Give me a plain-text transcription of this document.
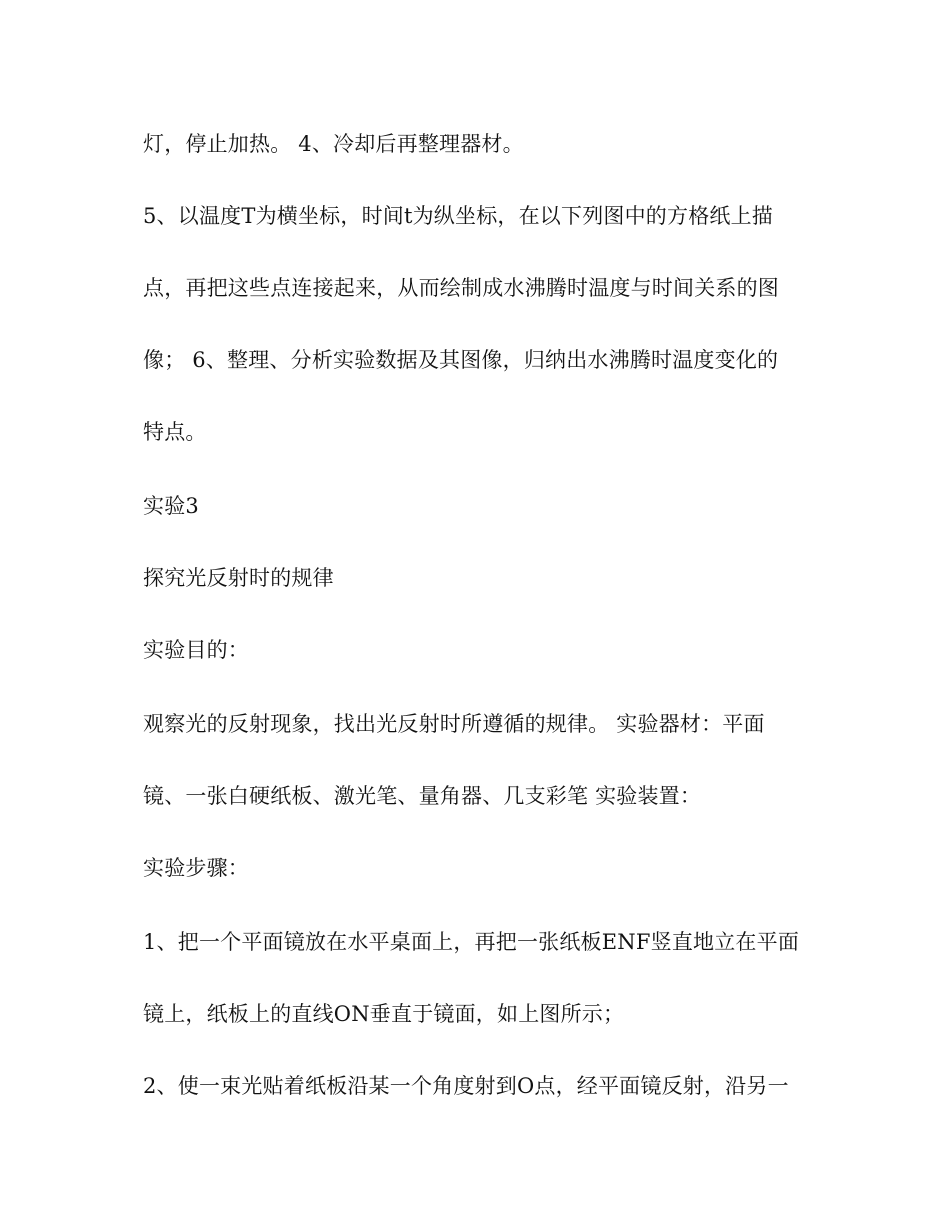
灯，停止加热。 4、冷却后再整理器材。
5、以温度T为横坐标，时间t为纵坐标，在以下列图中的方格纸上描
点，再把这些点连接起来，从而绘制成水沸腾时温度与时间关系的图
像； 6、整理、分析实验数据及其图像，归纳出水沸腾时温度变化的
特点。
实验3
探究光反射时的规律
实验目的：
观察光的反射现象，找出光反射时所遵循的规律。 实验器材：平面
镜、一张白硬纸板、激光笔、量角器、几支彩笔 实验装置：
实验步骤：
1、把一个平面镜放在水平桌面上，再把一张纸板ENF竖直地立在平面
镜上，纸板上的直线ON垂直于镜面，如上图所示；
2、使一束光贴着纸板沿某一个角度射到O点，经平面镜反射，沿另一
